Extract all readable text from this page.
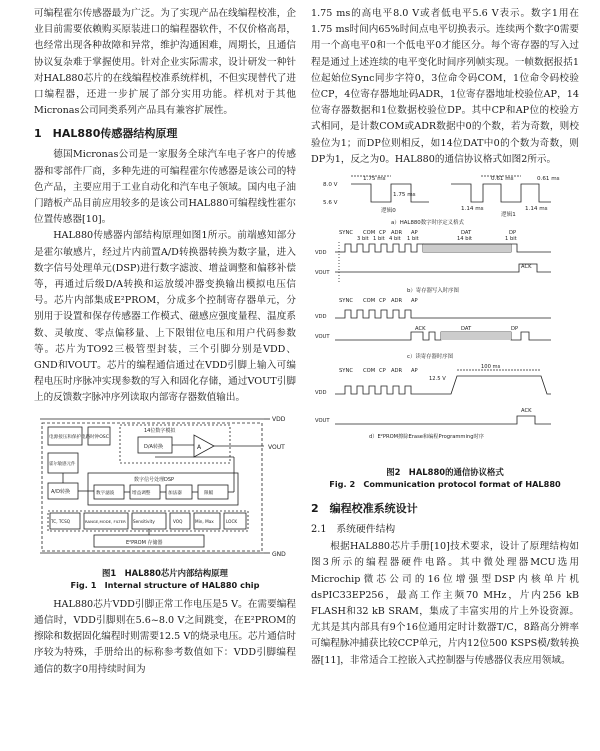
可编程霍尔传感器最为广泛。为了实现产品在线编程校准，企业目前需要依赖购买原装进口的编程器软件，不仅价格高昂，也经常出现各种故障和异常，维护沟通困难，周期长，且通信协议复杂难于掌握使用。针对企业实际需求，设计研发一种针对HAL880芯片的在线编程校准系统样机，不但实现替代了进口编程器，还进一步扩展了部分实用功能。样机对于其他Micronas公司同类系列产品具有兼容扩展性。

1　HAL880传感器结构原理

德国Micronas公司是一家服务全球汽车电子客户的传感器和零部件厂商，多种先进的可编程霍尔传感器是该公司的特色产品，主要应用于工业自动化和汽车电子领域。国内电子油门踏板产品目前应用较多的是该公司HAL880可编程线性霍尔位置传感器[10]。

HAL880传感器内部结构原理如图1所示。前端感知部分是霍尔敏感片，经过片内前置A/D转换器转换为数字量，进入数字信号处理单元(DSP)进行数字滤波、增益调整和偏移补偿等，再通过后级D/A转换和运放缓冲器变换输出模拟电压信号。芯片内部集成E²PROM，分成多个控制寄存器单元，分别用于设置和保存传感器工作模式、磁感应强度量程、温度系数、灵敏度、零点偏移量、上下限钳位电压和用户代码参数等。芯片为TO92三极管型封装，三个引脚分别是VDD、GND和VOUT。芯片的编程通信通过在VDD引脚上输入可编程电压时序脉冲实现参数的写入和固化存储，通过VOUT引脚上的反馈数字脉冲序列读取内部寄存器数值输出。

VDD
VOUT
GND
电源接压和保护电路 时钟OSC
14位数字模拟
D/A转换	A
霍尔敏感元件
A/D转换
数字信号处理DSP
数字滤波	增益调整	加法器	限幅
TC, TCSQ	RANGE,MODE, FILTER Sensitivity	VOQ	Min, Max	LOCK
E²PROM 存储器
图1　HAL880芯片内部结构原理
Fig. 1　Internal structure of HAL880 chip

HAL880芯片VDD引脚正常工作电压是5 V。在需要编程通信时，VDD引脚则在5.6~8.0 V之间跳变，在E²PROM的擦除和数据固化编程时则需要12.5 V的烧录电压。芯片通信时序较为特殊，手册给出的标称参考数值如下：VDD引脚编程通信的数字0用持续时间为

1.75 ms的高电平8.0 V或者低电平5.6 V表示。数字1用在1.75 ms时间内65%时间点电平切换表示。连续两个数字0需要用一个高电平0和一个低电平0才能区分。每个寄存器的写入过程是通过上述连续的电平变化时间序列帧实现。一帧数据报括1位起始位Sync同步字符0，3位命令码COM，1位命令码校验位CP，4位寄存器地址码ADR，1位寄存器地址校验位AP，14位寄存器数据和1位数据校验位DP。其中CP和AP位的校验方式相同，是计数COM或ADR数据中0的个数，若为奇数，则校验位为1；而DP位则相反，如14位DAT中0的个数为奇数，则DP为1，反之为0。HAL880的通信协议格式如图2所示。

8.0 V
5.6 V
1.75 ms
1.75 ms
1.14 ms
0.61 ms	0.61 ms
1.14 ms
逻辑0
逻辑1
a）HAL880数字时序定义格式
SYNC COM CP ADR AP	DAT	DP
3 bit 1 bit 4 bit 1 bit	14 bit	1 bit
VDD
VOUT
ACK
b）寄存器写入时序图
SYNC COM CP ADR AP
VDD
VOUT
ACK	DAT	DP
c）读寄存器时序图
SYNC COM CP ADR AP
12.5 V
100 ms
VDD
VOUT
ACK
d）E²PROM擦除Erase和编程Programming时序
图2　HAL880的通信协议格式
Fig. 2　Communication protocol format of HAL880
2　编程校准系统设计
2.1　系统硬件结构

根据HAL880芯片手册[10]技术要求，设计了原理结构如图3所示的编程器硬件电路。其中微处理器MCU选用Microchip微芯公司的16位增强型DSP内核单片机dsPIC33EP256，最高工作主频70 MHz，片内256 kB FLASH和32 kB SRAM，集成了丰富实用的片上外设资源。尤其是其内部具有9个16位通用定时计数器T/C，8路高分辨率可编程脉冲捕获比较CCP单元，片内12位500 KSPS模/数转换器[11]，非常适合工控嵌入式控制器与传感器仪表应用领域。
